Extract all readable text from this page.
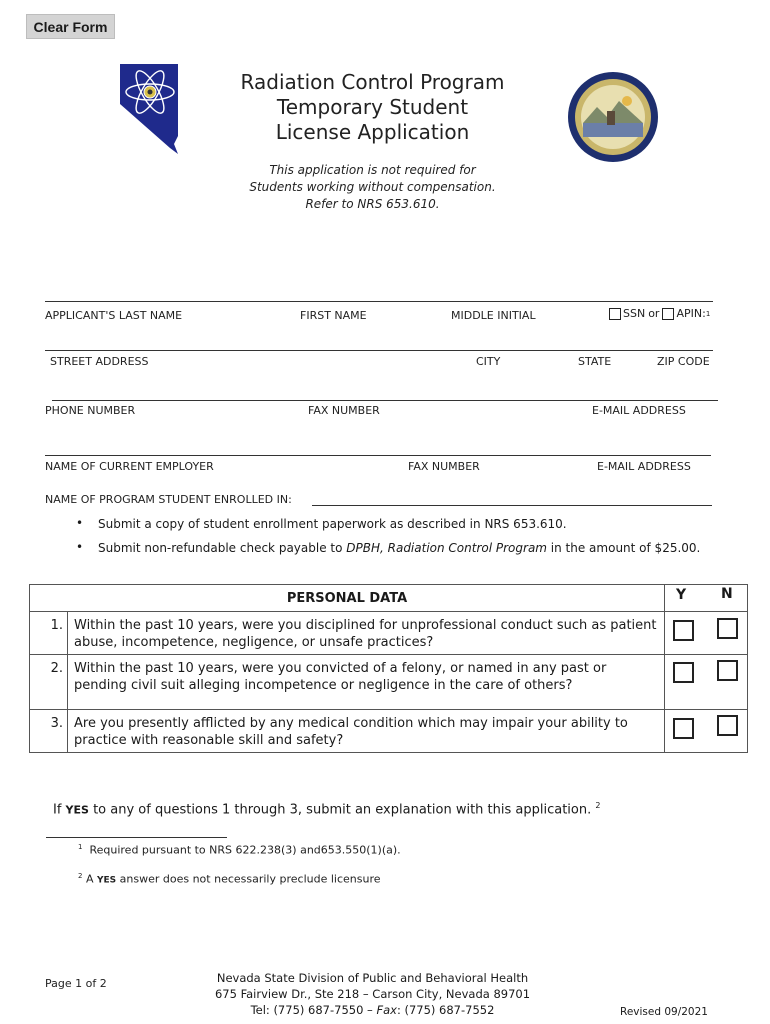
Clear Form
Radiation Control Program
Temporary Student
License Application
This application is not required for
Students working without compensation.
Refer to NRS 653.610.
APPLICANT'S LAST NAME	FIRST NAME	MIDDLE INITIAL	SSN or APIN: 1
STREET ADDRESS	CITY	STATE	ZIP CODE
PHONE NUMBER	FAX NUMBER	E-MAIL ADDRESS
NAME OF CURRENT EMPLOYER	FAX NUMBER	E-MAIL ADDRESS
NAME OF PROGRAM STUDENT ENROLLED IN:
• Submit a copy of student enrollment paperwork as described in NRS 653.610.
• Submit non-refundable check payable to DPBH, Radiation Control Program in the amount of $25.00.
PERSONAL DATA		Y N

1.	Within the past 10 years, were you disciplined for unprofessional conduct such as patient abuse, incompetence, negligence, or unsafe practices?	

2.	Within the past 10 years, were you convicted of a felony, or named in any past or pending civil suit alleging incompetence or negligence in the care of others?	

3.	Are you presently afflicted by any medical condition which may impair your ability to practice with reasonable skill and safety?	
If YES to any of questions 1 through 3, submit an explanation with this application. $^2$
$^1$ Required pursuant to NRS 622.238(3) and653.550(1)(a).
$^2$ A YES answer does not necessarily preclude licensure
Page 1 of 2	Nevada State Division of Public and Behavioral Health
675 Fairview Dr., Ste 218 – Carson City, Nevada 89701
Tel: (775) 687-7550 – Fax: (775) 687-7552	Revised 09/2021
